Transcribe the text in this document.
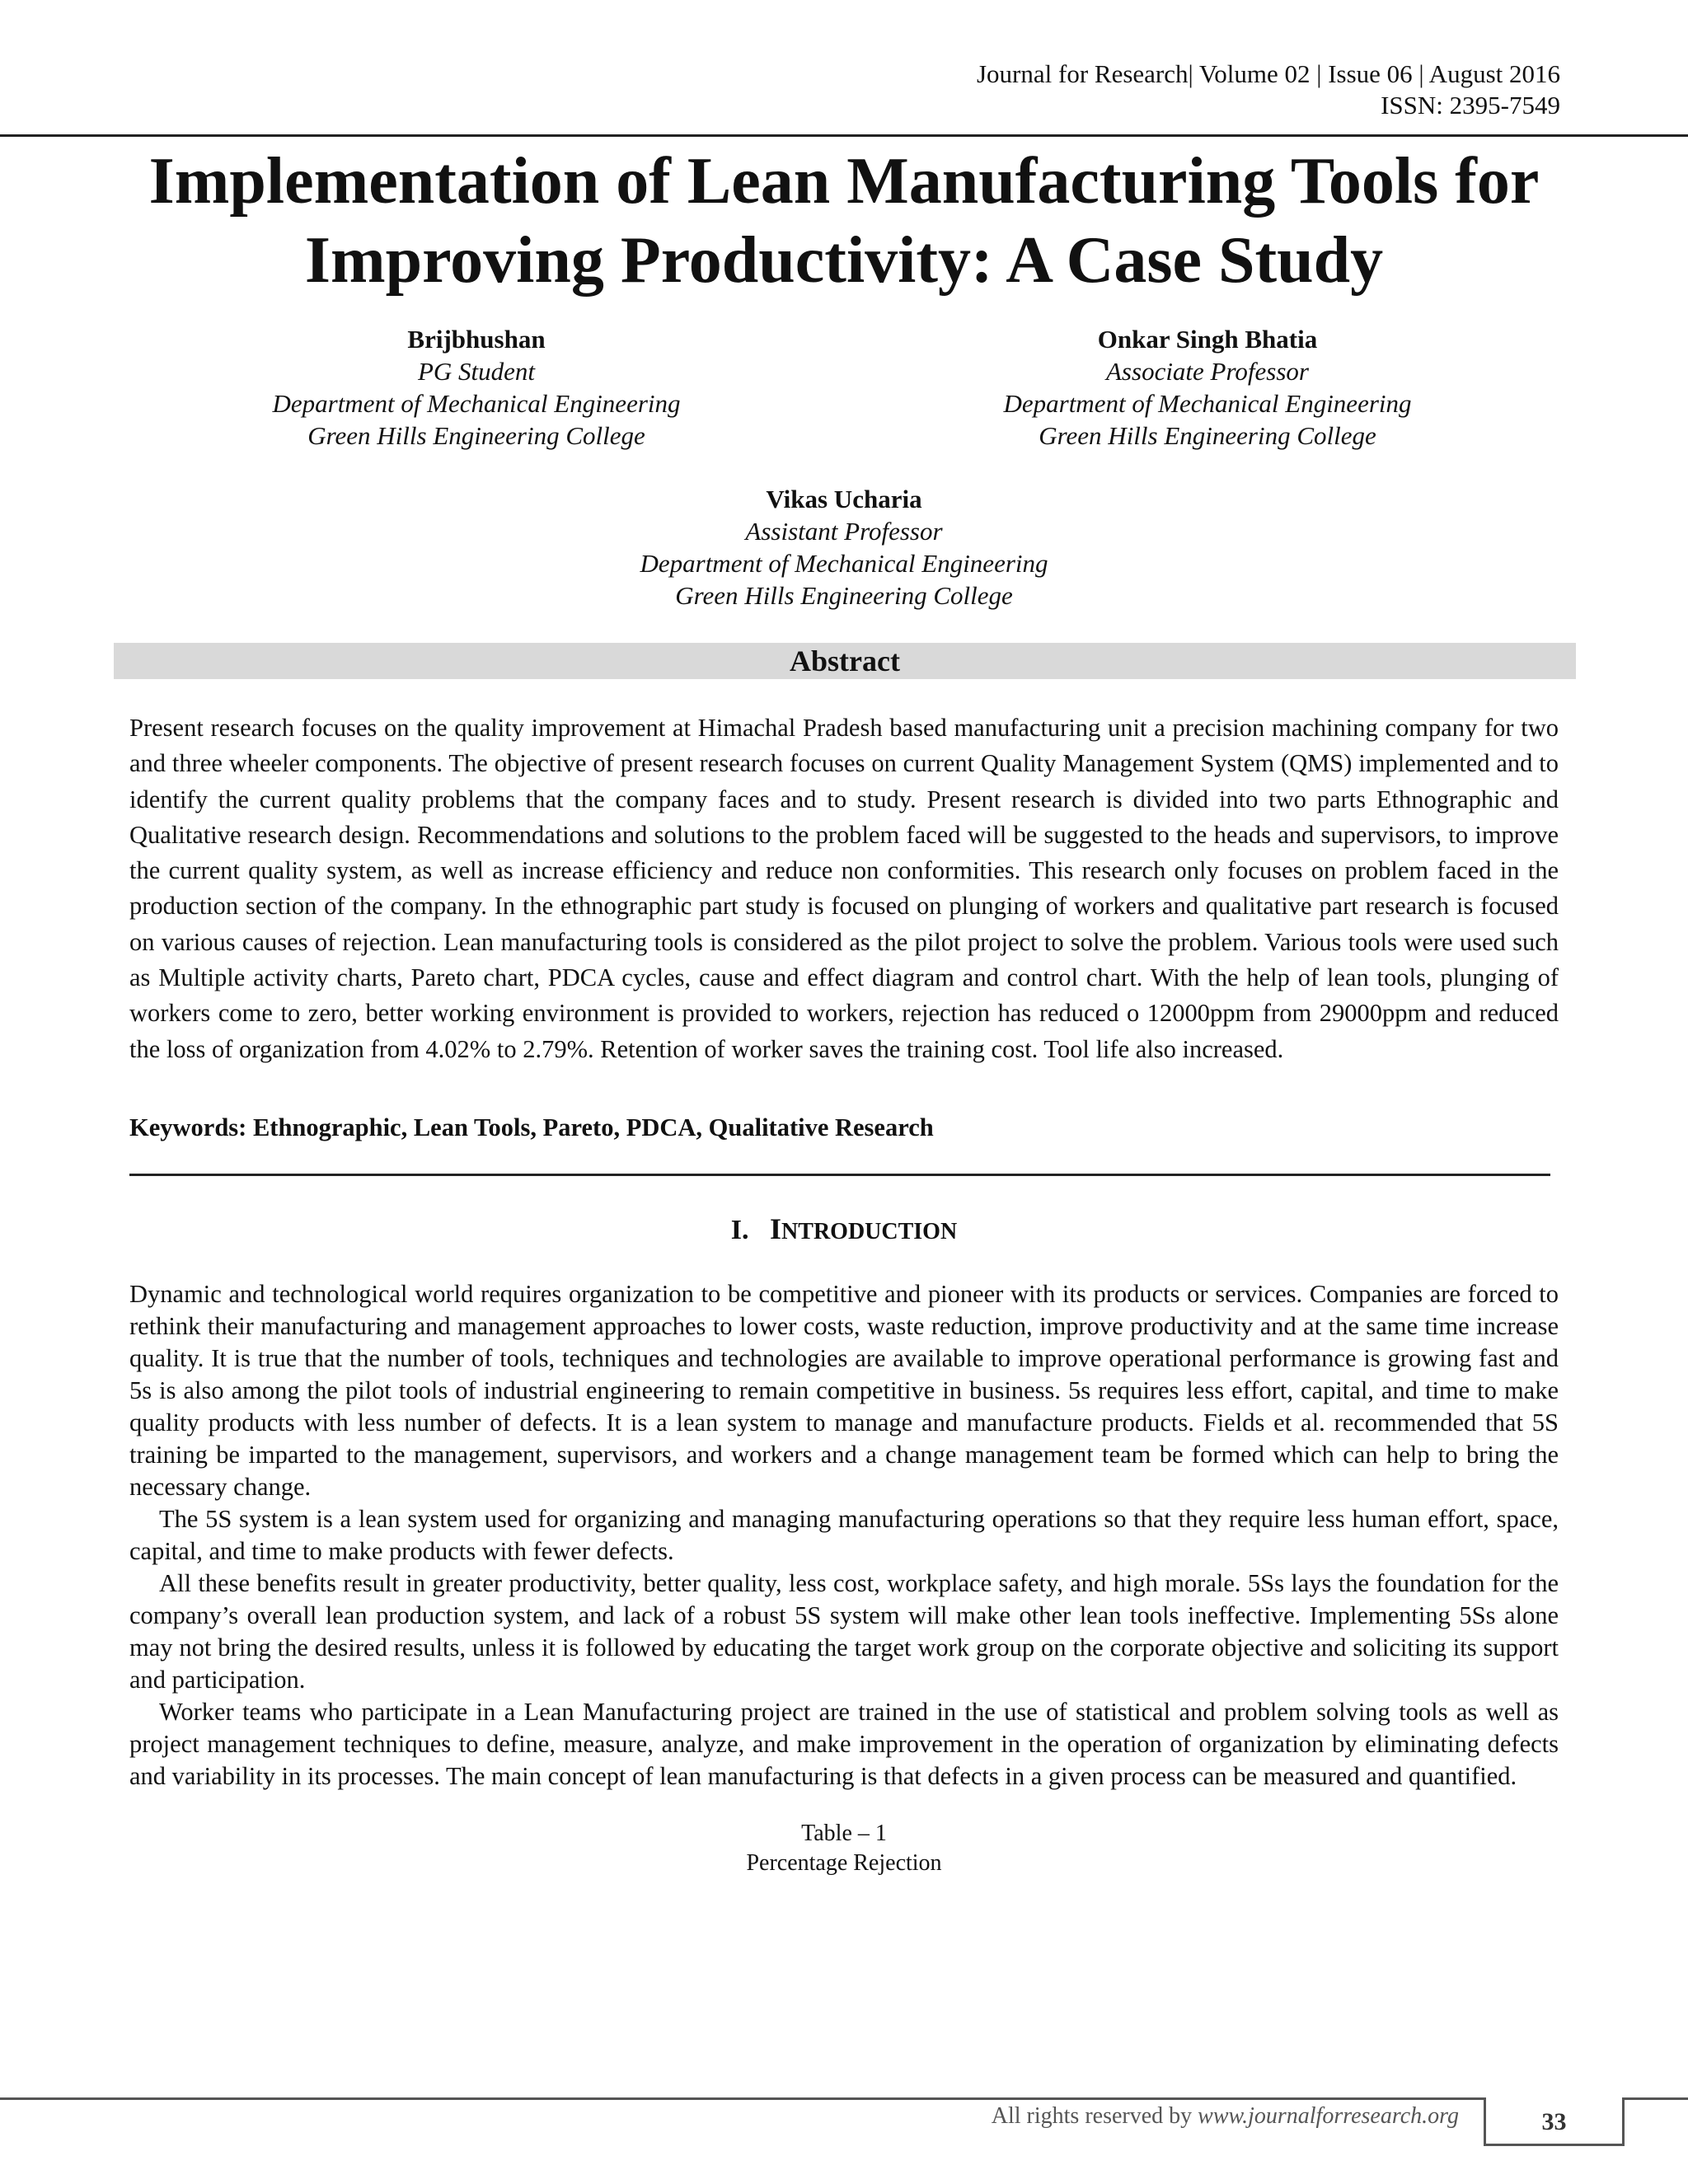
Journal for Research| Volume 02 | Issue 06 | August 2016
ISSN: 2395-7549
Implementation of Lean Manufacturing Tools for
Improving Productivity: A Case Study
Brijbhushan
PG Student
Department of Mechanical Engineering
Green Hills Engineering College
Onkar Singh Bhatia
Associate Professor
Department of Mechanical Engineering
Green Hills Engineering College
Vikas Ucharia
Assistant Professor
Department of Mechanical Engineering
Green Hills Engineering College
Abstract

Present research focuses on the quality improvement at Himachal Pradesh based manufacturing unit a precision machining company for two and three wheeler components. The objective of present research focuses on current Quality Management System (QMS) implemented and to identify the current quality problems that the company faces and to study. Present research is divided into two parts Ethnographic and Qualitative research design. Recommendations and solutions to the problem faced will be suggested to the heads and supervisors, to improve the current quality system, as well as increase efficiency and reduce non conformities. This research only focuses on problem faced in the production section of the company. In the ethnographic part study is focused on plunging of workers and qualitative part research is focused on various causes of rejection. Lean manufacturing tools is considered as the pilot project to solve the problem. Various tools were used such as Multiple activity charts, Pareto chart, PDCA cycles, cause and effect diagram and control chart. With the help of lean tools, plunging of workers come to zero, better working environment is provided to workers, rejection has reduced o 12000ppm from 29000ppm and reduced the loss of organization from 4.02% to 2.79%. Retention of worker saves the training cost. Tool life also increased.

Keywords: Ethnographic, Lean Tools, Pareto, PDCA, Qualitative Research
I. INTRODUCTION

Dynamic and technological world requires organization to be competitive and pioneer with its products or services. Companies are forced to rethink their manufacturing and management approaches to lower costs, waste reduction, improve productivity and at the same time increase quality. It is true that the number of tools, techniques and technologies are available to improve operational performance is growing fast and 5s is also among the pilot tools of industrial engineering to remain competitive in business. 5s requires less effort, capital, and time to make quality products with less number of defects. It is a lean system to manage and manufacture products. Fields et al. recommended that 5S training be imparted to the management, supervisors, and workers and a change management team be formed which can help to bring the necessary change.

The 5S system is a lean system used for organizing and managing manufacturing operations so that they require less human effort, space, capital, and time to make products with fewer defects.

All these benefits result in greater productivity, better quality, less cost, workplace safety, and high morale. 5Ss lays the foundation for the company’s overall lean production system, and lack of a robust 5S system will make other lean tools ineffective. Implementing 5Ss alone may not bring the desired results, unless it is followed by educating the target work group on the corporate objective and soliciting its support and participation.

Worker teams who participate in a Lean Manufacturing project are trained in the use of statistical and problem solving tools as well as project management techniques to define, measure, analyze, and make improvement in the operation of organization by eliminating defects and variability in its processes. The main concept of lean manufacturing is that defects in a given process can be measured and quantified.

Table – 1
Percentage Rejection
All rights reserved by www.journalforresearch.org	33
